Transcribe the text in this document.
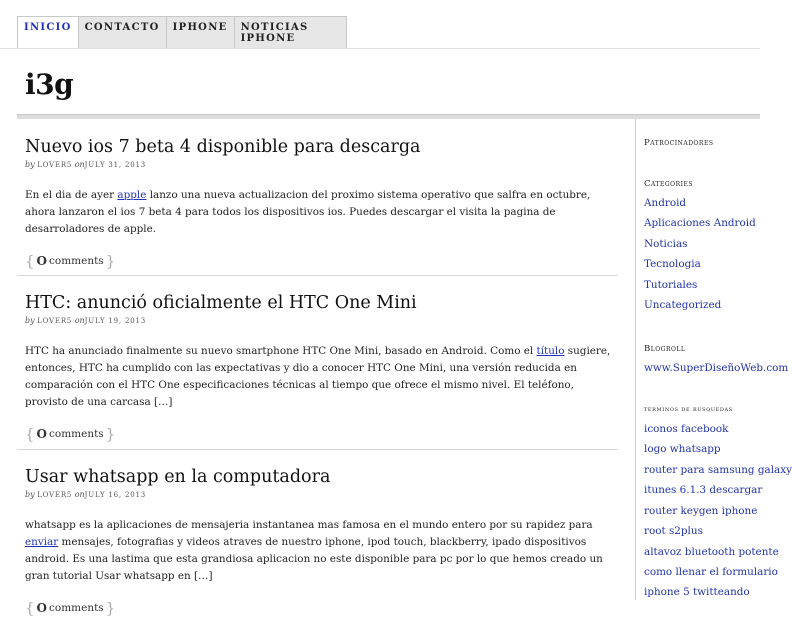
INICIO	CONTACTO	IPHONE	NOTICIAS IPHONE
i3g
Nuevo ios 7 beta 4 disponible para descarga
by LOVER5 onJULY 31, 2013
En el dia de ayer apple lanzo una nueva actualizacion del proximo sistema operativo que salfra en octubre, ahora lanzaron el ios 7 beta 4 para todos los dispositivos ios. Puedes descargar el visita la pagina de desarroladores de apple.
{ O comments }
HTC: anunció oficialmente el HTC One Mini
by LOVER5 onJULY 19, 2013
HTC ha anunciado finalmente su nuevo smartphone HTC One Mini, basado en Android. Como el título sugiere, entonces, HTC ha cumplido con las expectativas y dio a conocer HTC One Mini, una versión reducida en comparación con el HTC One especificaciones técnicas al tiempo que ofrece el mismo nivel. El teléfono, provisto de una carcasa […]
{ O comments }
Usar whatsapp en la computadora
by LOVER5 onJULY 16, 2013
whatsapp es la aplicaciones de mensajeria instantanea mas famosa en el mundo entero por su rapidez para enviar mensajes, fotografias y videos atraves de nuestro iphone, ipod touch, blackberry, ipado dispositivos android. Es una lastima que esta grandiosa aplicacion no este disponible para pc por lo que hemos creado un gran tutorial Usar whatsapp en […]
{ O comments }
Patrocinadores
Categories
Android
Aplicaciones Android
Noticias
Tecnologia
Tutoriales
Uncategorized
Blogroll
www.SuperDiseñoWeb.com
terminos de busquedas
iconos facebook
logo whatsapp
router para samsung galaxy
itunes 6.1.3 descargar
router keygen iphone
root s2plus
altavoz bluetooth potente
como llenar el formulario
iphone 5 twitteando
